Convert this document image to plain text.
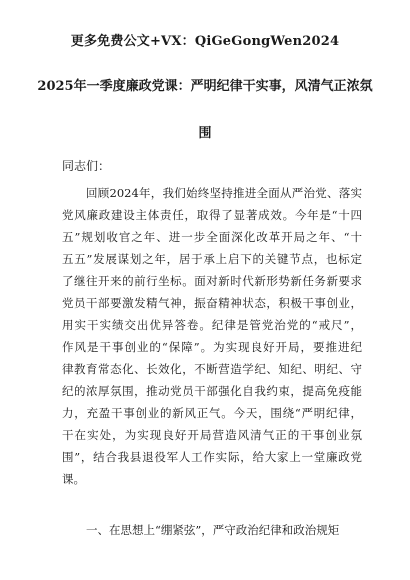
更多免费公文+VX：QiGeGongWen2024
2025年一季度廉政党课：严明纪律干实事，风清气正浓氛
围
同志们：
回顾2024年，我们始终坚持推进全面从严治党、落实
党风廉政建设主体责任，取得了显著成效。今年是“十四
五”规划收官之年、进一步全面深化改革开局之年、“十
五五”发展谋划之年，居于承上启下的关键节点，也标定
了继往开来的前行坐标。面对新时代新形势新任务新要求
党员干部要激发精气神，振奋精神状态，积极干事创业，
用实干实绩交出优异答卷。纪律是管党治党的“戒尺”，
作风是干事创业的“保障”。为实现良好开局，要推进纪
律教育常态化、长效化，不断营造学纪、知纪、明纪、守
纪的浓厚氛围，推动党员干部强化自我约束，提高免疫能
力，充盈干事创业的新风正气。今天，围绕“严明纪律，
干在实处，为实现良好开局营造风清气正的干事创业氛
围”，结合我县退役军人工作实际，给大家上一堂廉政党
课。
一、在思想上“绷紧弦”，严守政治纪律和政治规矩
